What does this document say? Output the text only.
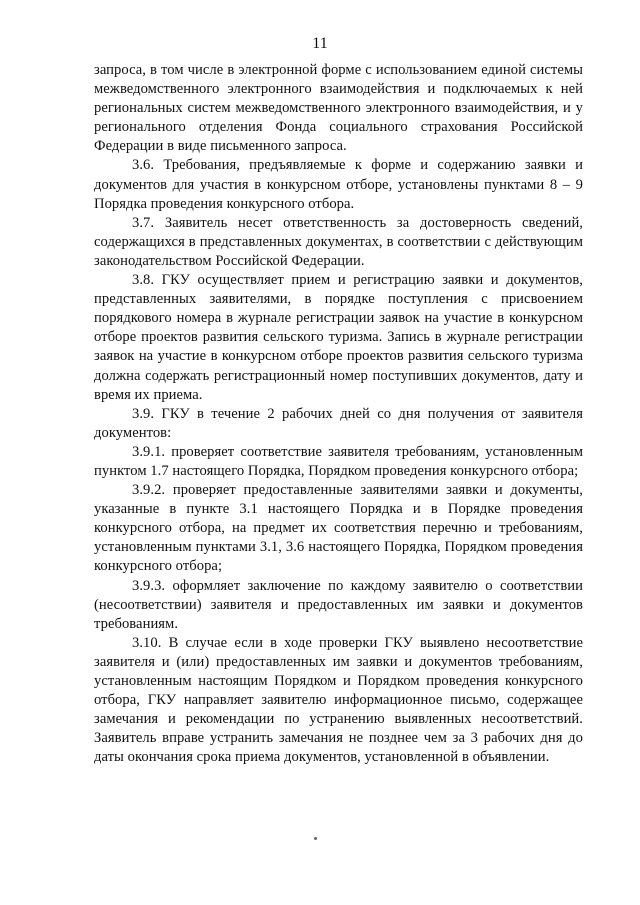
11

запроса, в том числе в электронной форме с использованием единой системы межведомственного электронного взаимодействия и подключаемых к ней региональных систем межведомственного электронного взаимодействия, и у регионального отделения Фонда социального страхования Российской Федерации в виде письменного запроса.

3.6. Требования, предъявляемые к форме и содержанию заявки и документов для участия в конкурсном отборе, установлены пунктами 8 – 9 Порядка проведения конкурсного отбора.

3.7. Заявитель несет ответственность за достоверность сведений, содержащихся в представленных документах, в соответствии с действующим законодательством Российской Федерации.

3.8. ГКУ осуществляет прием и регистрацию заявки и документов, представленных заявителями, в порядке поступления с присвоением порядкового номера в журнале регистрации заявок на участие в конкурсном отборе проектов развития сельского туризма. Запись в журнале регистрации заявок на участие в конкурсном отборе проектов развития сельского туризма должна содержать регистрационный номер поступивших документов, дату и время их приема.

3.9. ГКУ в течение 2 рабочих дней со дня получения от заявителя документов:

3.9.1. проверяет соответствие заявителя требованиям, установленным пунктом 1.7 настоящего Порядка, Порядком проведения конкурсного отбора;

3.9.2. проверяет предоставленные заявителями заявки и документы, указанные в пункте 3.1 настоящего Порядка и в Порядке проведения конкурсного отбора, на предмет их соответствия перечню и требованиям, установленным пунктами 3.1, 3.6 настоящего Порядка, Порядком проведения конкурсного отбора;

3.9.3. оформляет заключение по каждому заявителю о соответствии (несоответствии) заявителя и предоставленных им заявки и документов требованиям.

3.10. В случае если в ходе проверки ГКУ выявлено несоответствие заявителя и (или) предоставленных им заявки и документов требованиям, установленным настоящим Порядком и Порядком проведения конкурсного отбора, ГКУ направляет заявителю информационное письмо, содержащее замечания и рекомендации по устранению выявленных несоответствий. Заявитель вправе устранить замечания не позднее чем за 3 рабочих дня до даты окончания срока приема документов, установленной в объявлении.
